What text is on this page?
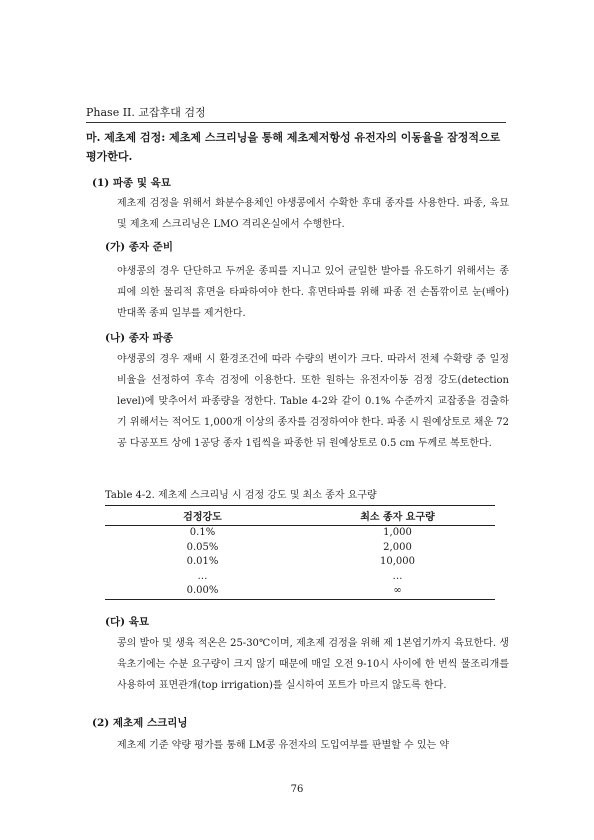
Phase II. 교잡후대 검정
마. 제초제 검정: 제초제 스크리닝을 통해 제초제저항성 유전자의 이동율을 잠정적으로 평가한다.
(1) 파종 및 육묘
제초제 검정을 위해서 화분수용체인 야생콩에서 수확한 후대 종자를 사용한다. 파종, 육묘 및 제초제 스크리닝은 LMO 격리온실에서 수행한다.
(가) 종자 준비
야생콩의 경우 단단하고 두꺼운 종피를 지니고 있어 균일한 발아를 유도하기 위해서는 종피에 의한 물리적 휴면을 타파하여야 한다. 휴면타파를 위해 파종 전 손톱깎이로 눈(배아) 반대쪽 종피 일부를 제거한다.
(나) 종자 파종
야생콩의 경우 재배 시 환경조건에 따라 수량의 변이가 크다. 따라서 전체 수확량 중 일정 비율을 선정하여 후속 검정에 이용한다. 또한 원하는 유전자이동 검정 강도(detection level)에 맞추어서 파종량을 정한다. Table 4-2와 같이 0.1% 수준까지 교잡종을 검출하기 위해서는 적어도 1,000개 이상의 종자를 검정하여야 한다. 파종 시 원예상토로 채운 72공 다공포트 상에 1공당 종자 1립씩을 파종한 뒤 원예상토로 0.5 cm 두께로 복토한다.
Table 4-2. 제초제 스크리닝 시 검정 강도 및 최소 종자 요구량
검정강도	최소 종자 요구량
0.1%	1,000
0.05%	2,000
0.01%	10,000
…	…
0.00%	∞
(다) 육묘
콩의 발아 및 생육 적온은 25-30℃이며, 제초제 검정을 위해 제 1본엽기까지 육묘한다. 생육초기에는 수분 요구량이 크지 않기 때문에 매일 오전 9-10시 사이에 한 번씩 물조리개를 사용하여 표면관개(top irrigation)를 실시하여 포트가 마르지 않도록 한다.
(2) 제초제 스크리닝
제초제 기준 약량 평가를 통해 LM콩 유전자의 도입여부를 판별할 수 있는 약
76
